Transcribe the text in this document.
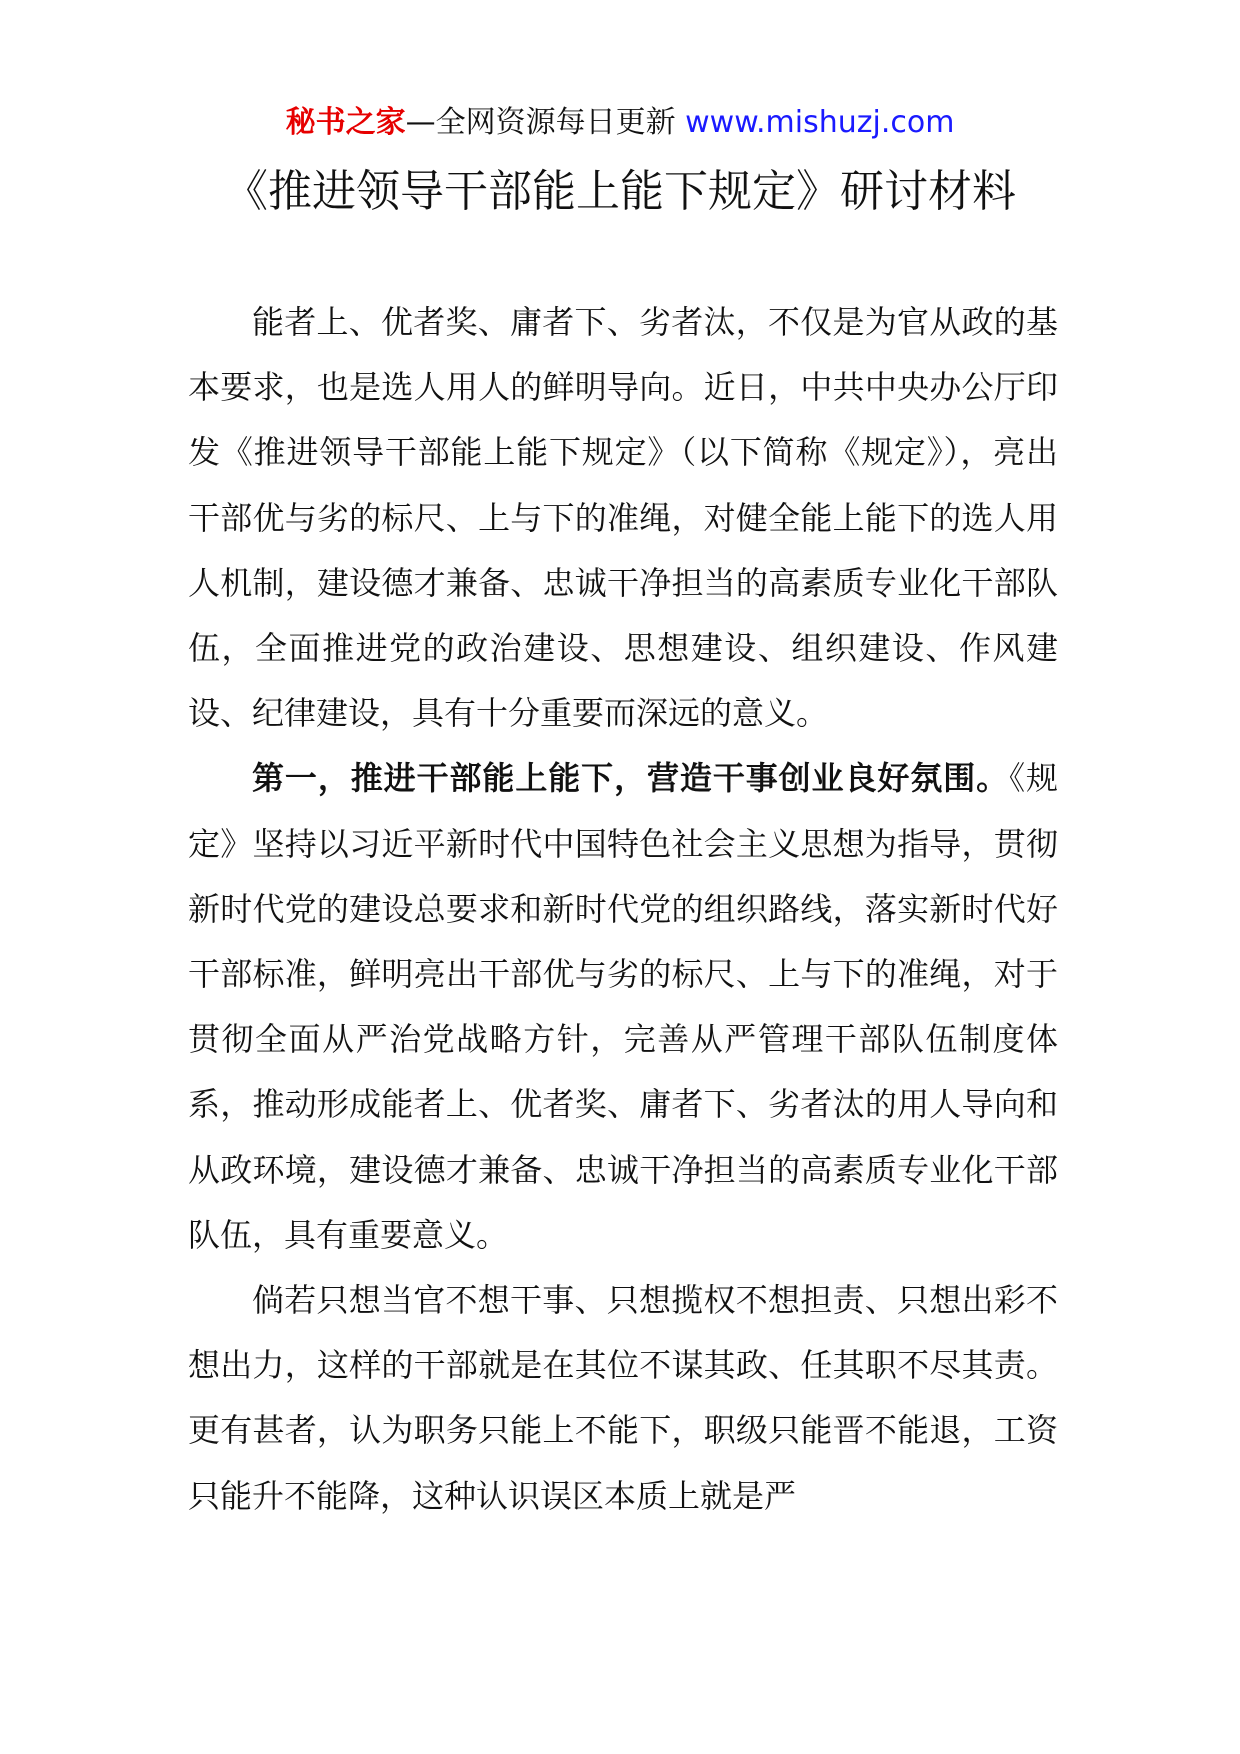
秘书之家—全网资源每日更新 www.mishuzj.com
《推进领导干部能上能下规定》研讨材料

能者上、优者奖、庸者下、劣者汰，不仅是为官从政的基本要求，也是选人用人的鲜明导向。近日，中共中央办公厅印发《推进领导干部能上能下规定》（以下简称《规定》），亮出干部优与劣的标尺、上与下的准绳，对健全能上能下的选人用人机制，建设德才兼备、忠诚干净担当的高素质专业化干部队伍，全面推进党的政治建设、思想建设、组织建设、作风建设、纪律建设，具有十分重要而深远的意义。

第一，推进干部能上能下，营造干事创业良好氛围。《规定》坚持以习近平新时代中国特色社会主义思想为指导，贯彻新时代党的建设总要求和新时代党的组织路线，落实新时代好干部标准，鲜明亮出干部优与劣的标尺、上与下的准绳，对于贯彻全面从严治党战略方针，完善从严管理干部队伍制度体系，推动形成能者上、优者奖、庸者下、劣者汰的用人导向和从政环境，建设德才兼备、忠诚干净担当的高素质专业化干部队伍，具有重要意义。

倘若只想当官不想干事、只想揽权不想担责、只想出彩不想出力，这样的干部就是在其位不谋其政、任其职不尽其责。更有甚者，认为职务只能上不能下，职级只能晋不能退，工资只能升不能降，这种认识误区本质上就是严
